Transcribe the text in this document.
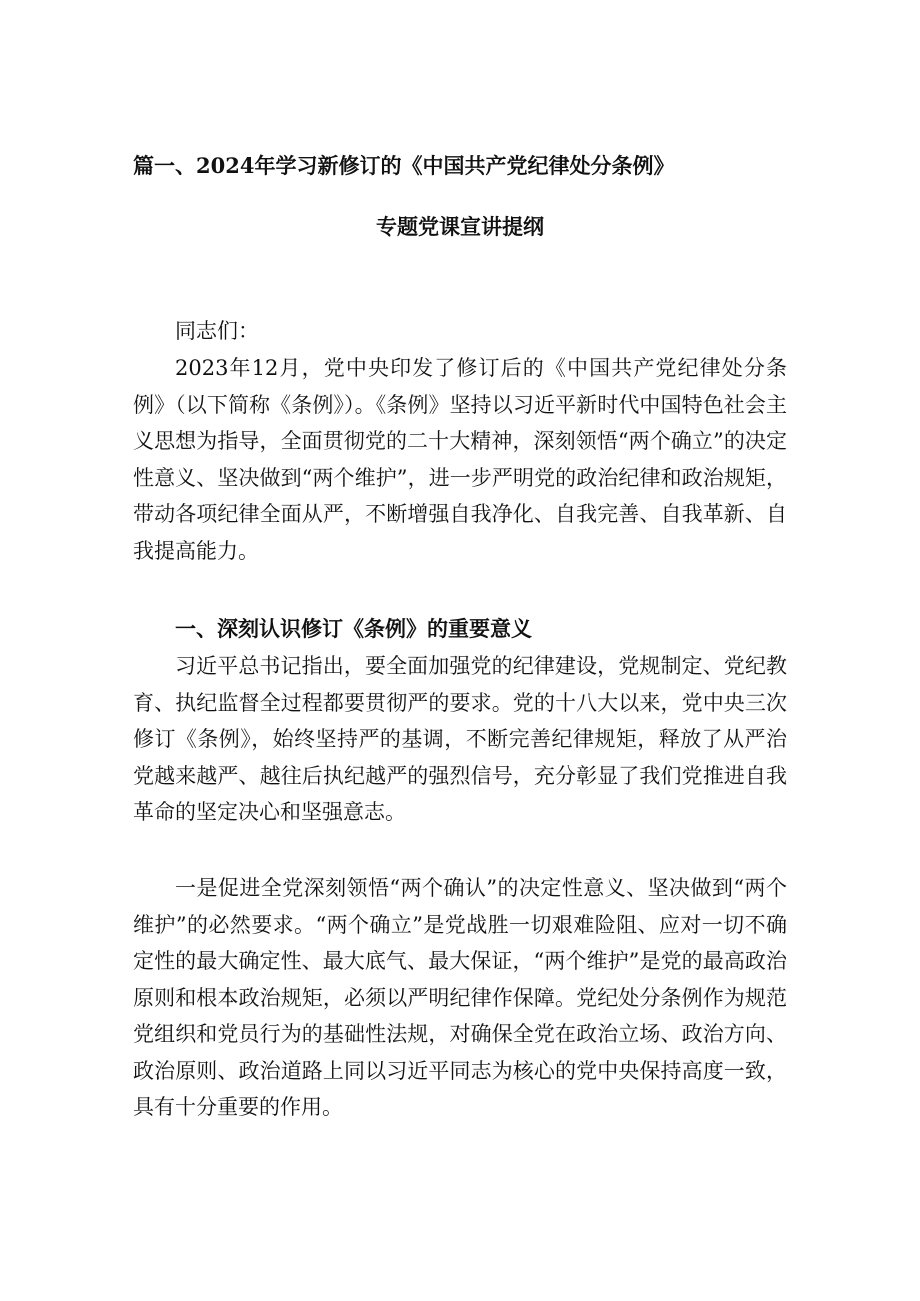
篇一、2024年学习新修订的《中国共产党纪律处分条例》
专题党课宣讲提纲
同志们：
2023年12月，党中央印发了修订后的《中国共产党纪律处分条例》（以下简称《条例》）。《条例》坚持以习近平新时代中国特色社会主义思想为指导，全面贯彻党的二十大精神，深刻领悟“两个确立”的决定性意义、坚决做到“两个维护”，进一步严明党的政治纪律和政治规矩，带动各项纪律全面从严，不断增强自我净化、自我完善、自我革新、自我提高能力。
一、深刻认识修订《条例》的重要意义
习近平总书记指出，要全面加强党的纪律建设，党规制定、党纪教育、执纪监督全过程都要贯彻严的要求。党的十八大以来，党中央三次修订《条例》，始终坚持严的基调，不断完善纪律规矩，释放了从严治党越来越严、越往后执纪越严的强烈信号，充分彰显了我们党推进自我革命的坚定决心和坚强意志。
一是促进全党深刻领悟“两个确认”的决定性意义、坚决做到“两个维护”的必然要求。“两个确立”是党战胜一切艰难险阻、应对一切不确定性的最大确定性、最大底气、最大保证，“两个维护”是党的最高政治原则和根本政治规矩，必须以严明纪律作保障。党纪处分条例作为规范党组织和党员行为的基础性法规，对确保全党在政治立场、政治方向、政治原则、政治道路上同以习近平同志为核心的党中央保持高度一致，具有十分重要的作用。
